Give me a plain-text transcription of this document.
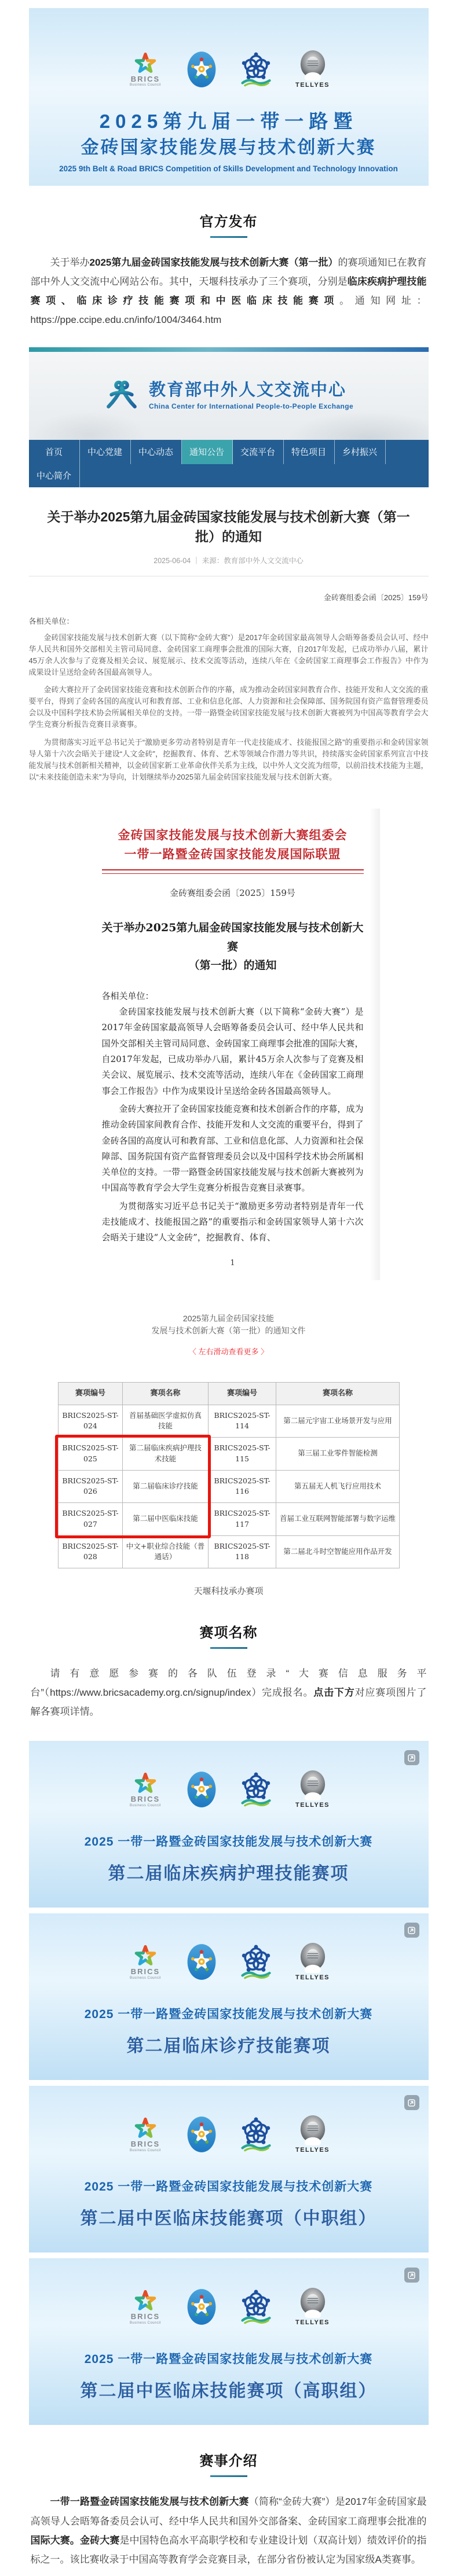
BRICS
Business Council	TELLYES
2025第九届一带一路暨
金砖国家技能发展与技术创新大赛
2025 9th Belt & Road BRICS Competition of Skills Development and Technology Innovation
官方发布

关于举办2025第九届金砖国家技能发展与技术创新大赛（第一批）的赛项通知已在教育部中外人文交流中心网站公布。其中，天堰科技承办了三个赛项，分别是临床疾病护理技能赛项、临床诊疗技能赛项和中医临床技能赛项。通知网址：https://ppe.ccipe.edu.cn/info/1004/3464.htm

教育部中外人文交流中心
China Center for International People-to-People Exchange
首页	中心党建	中心动态	通知公告	交流平台	特色项目	乡村振兴
中心简介
关于举办2025第九届金砖国家技能发展与技术创新大赛（第一批）的通知
2025-06-04 ｜ 来源：教育部中外人文交流中心
金砖赛组委会函〔2025〕159号
各相关单位：

金砖国家技能发展与技术创新大赛（以下简称“金砖大赛”）是2017年金砖国家最高领导人会晤筹备委员会认可、经中华人民共和国外交部相关主管司局同意、金砖国家工商理事会批准的国际大赛，自2017年发起，已成功举办八届，累计45万余人次参与了竞赛及相关会议、展览展示、技术交流等活动，连续八年在《金砖国家工商理事会工作报告》中作为成果设计呈送给金砖各国最高领导人。

金砖大赛拉开了金砖国家技能竞赛和技术创新合作的序幕，成为推动金砖国家间教育合作、技能开发和人文交流的重要平台，得到了金砖各国的高度认可和教育部、工业和信息化部、人力资源和社会保障部、国务院国有资产监督管理委员会以及中国科学技术协会所属相关单位的支持。一带一路暨金砖国家技能发展与技术创新大赛被列为中国高等教育学会大学生竞赛分析报告竞赛目录赛事。

为贯彻落实习近平总书记关于“激励更多劳动者特别是青年一代走技能成才、技能报国之路”的重要指示和金砖国家领导人第十六次会晤关于建设“人文金砖”，挖掘教育、体育、艺术等领域合作潜力等共识，持续落实金砖国家系列宣言中技能发展与技术创新相关精神，以金砖国家新工业革命伙伴关系为主线，以中外人文交流为纽带，以前沿技术技能为主题，以“未来技能创造未来”为导向，计划继续举办2025第九届金砖国家技能发展与技术创新大赛。

金砖国家技能发展与技术创新大赛组委会
一带一路暨金砖国家技能发展国际联盟
金砖赛组委会函〔2025〕159号
关于举办2025第九届金砖国家技能发展与技术创新大赛
（第一批）的通知
各相关单位：

金砖国家技能发展与技术创新大赛（以下简称“金砖大赛”）是2017年金砖国家最高领导人会晤筹备委员会认可、经中华人民共和国外交部相关主管司局同意、金砖国家工商理事会批准的国际大赛，自2017年发起，已成功举办八届，累计45万余人次参与了竞赛及相关会议、展览展示、技术交流等活动，连续八年在《金砖国家工商理事会工作报告》中作为成果设计呈送给金砖各国最高领导人。

金砖大赛拉开了金砖国家技能竞赛和技术创新合作的序幕，成为推动金砖国家间教育合作、技能开发和人文交流的重要平台，得到了金砖各国的高度认可和教育部、工业和信息化部、人力资源和社会保障部、国务院国有资产监督管理委员会以及中国科学技术协会所属相关单位的支持。一带一路暨金砖国家技能发展与技术创新大赛被列为中国高等教育学会大学生竞赛分析报告竞赛目录赛事。

为贯彻落实习近平总书记关于“激励更多劳动者特别是青年一代走技能成才、技能报国之路”的重要指示和金砖国家领导人第十六次会晤关于建设“人文金砖”，挖掘教育、体育、

1
2025第九届金砖国家技能
发展与技术创新大赛（第一批）的通知文件
〈 左右滑动查看更多 〉
赛项编号	赛项名称	赛项编号	赛项名称
BRICS2025-ST-024	首届基础医学虚拟仿真技能	BRICS2025-ST-114	第二届元宇宙工业场景开发与应用
BRICS2025-ST-025	第二届临床疾病护理技术技能	BRICS2025-ST-115	第三届工业零件智能检测
BRICS2025-ST-026	第二届临床诊疗技能	BRICS2025-ST-116	第五届无人机飞行应用技术
BRICS2025-ST-027	第二届中医临床技能	BRICS2025-ST-117	首届工业互联网智能部署与数字运维
BRICS2025-ST-028	中文+职业综合技能（普通话）	BRICS2025-ST-118	第二届北斗时空智能应用作品开发
天堰科技承办赛项
赛项名称

请有意愿参赛的各队伍登录“大赛信息服务平台”（https://www.bricsacademy.org.cn/signup/index）完成报名。点击下方对应赛项图片了解各赛项详情。

BRICS
Business Council	TELLYES
2025 一带一路暨金砖国家技能发展与技术创新大赛
第二届临床疾病护理技能赛项
BRICS
Business Council	TELLYES
2025 一带一路暨金砖国家技能发展与技术创新大赛
第二届临床诊疗技能赛项
BRICS
Business Council	TELLYES
2025 一带一路暨金砖国家技能发展与技术创新大赛
第二届中医临床技能赛项（中职组）
BRICS
Business Council	TELLYES
2025 一带一路暨金砖国家技能发展与技术创新大赛
第二届中医临床技能赛项（高职组）
赛事介绍

一带一路暨金砖国家技能发展与技术创新大赛（简称“金砖大赛”）是2017年金砖国家最高领导人会晤筹备委员会认可、经中华人民共和国外交部备案、金砖国家工商理事会批准的国际大赛。金砖大赛是中国特色高水平高职学校和专业建设计划（双高计划）绩效评价的指标之一。该比赛收录于中国高等教育学会竞赛目录，在部分省份被认定为国家级A类赛事。
